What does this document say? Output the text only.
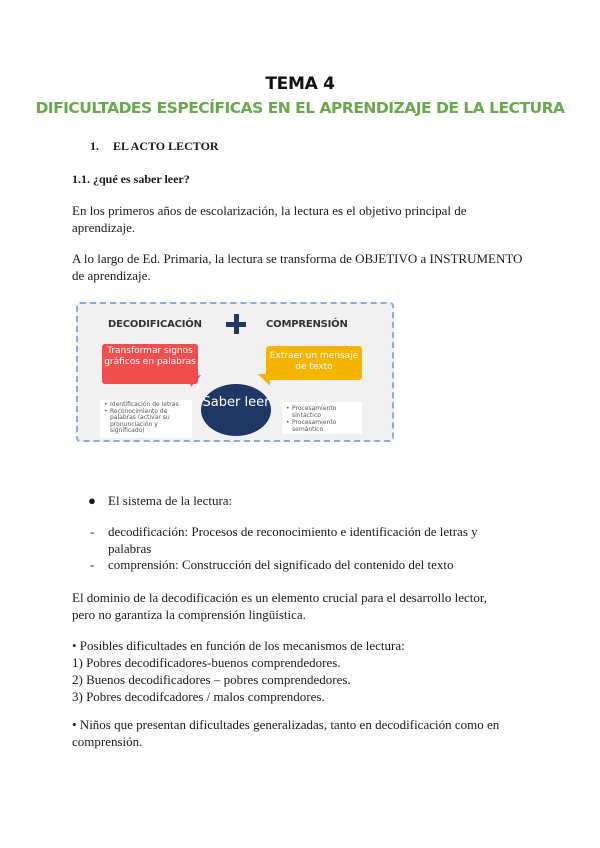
TEMA 4
DIFICULTADES ESPECÍFICAS EN EL APRENDIZAJE DE LA LECTURA
1. EL ACTO LECTOR
1.1. ¿qué es saber leer?
En los primeros años de escolarización, la lectura es el objetivo principal de aprendizaje.
A lo largo de Ed. Primaria, la lectura se transforma de OBJETIVO a INSTRUMENTO de aprendizaje.
DECODIFICACIÓN	COMPRENSIÓN
Transformar signos gráficos en palabras
Extraer un mensaje de texto
• Identificación de letras
• Reconocimiento de palabras (activar su pronunciación y significado)
• Procesamiento sintáctico
• Procesamiento semántico
Saber leer
● El sistema de la lectura:
-	decodificación: Procesos de reconocimiento e identificación de letras y palabras
-	comprensión: Construcción del significado del contenido del texto
El dominio de la decodificación es un elemento crucial para el desarrollo lector, pero no garantiza la comprensión lingüística.
• Posibles dificultades en función de los mecanismos de lectura:
1) Pobres decodificadores-buenos comprendedores.
2) Buenos decodificadores – pobres comprendedores.
3) Pobres decodifcadores / malos comprendores.
• Niños que presentan dificultades generalizadas, tanto en decodificación como en comprensión.
